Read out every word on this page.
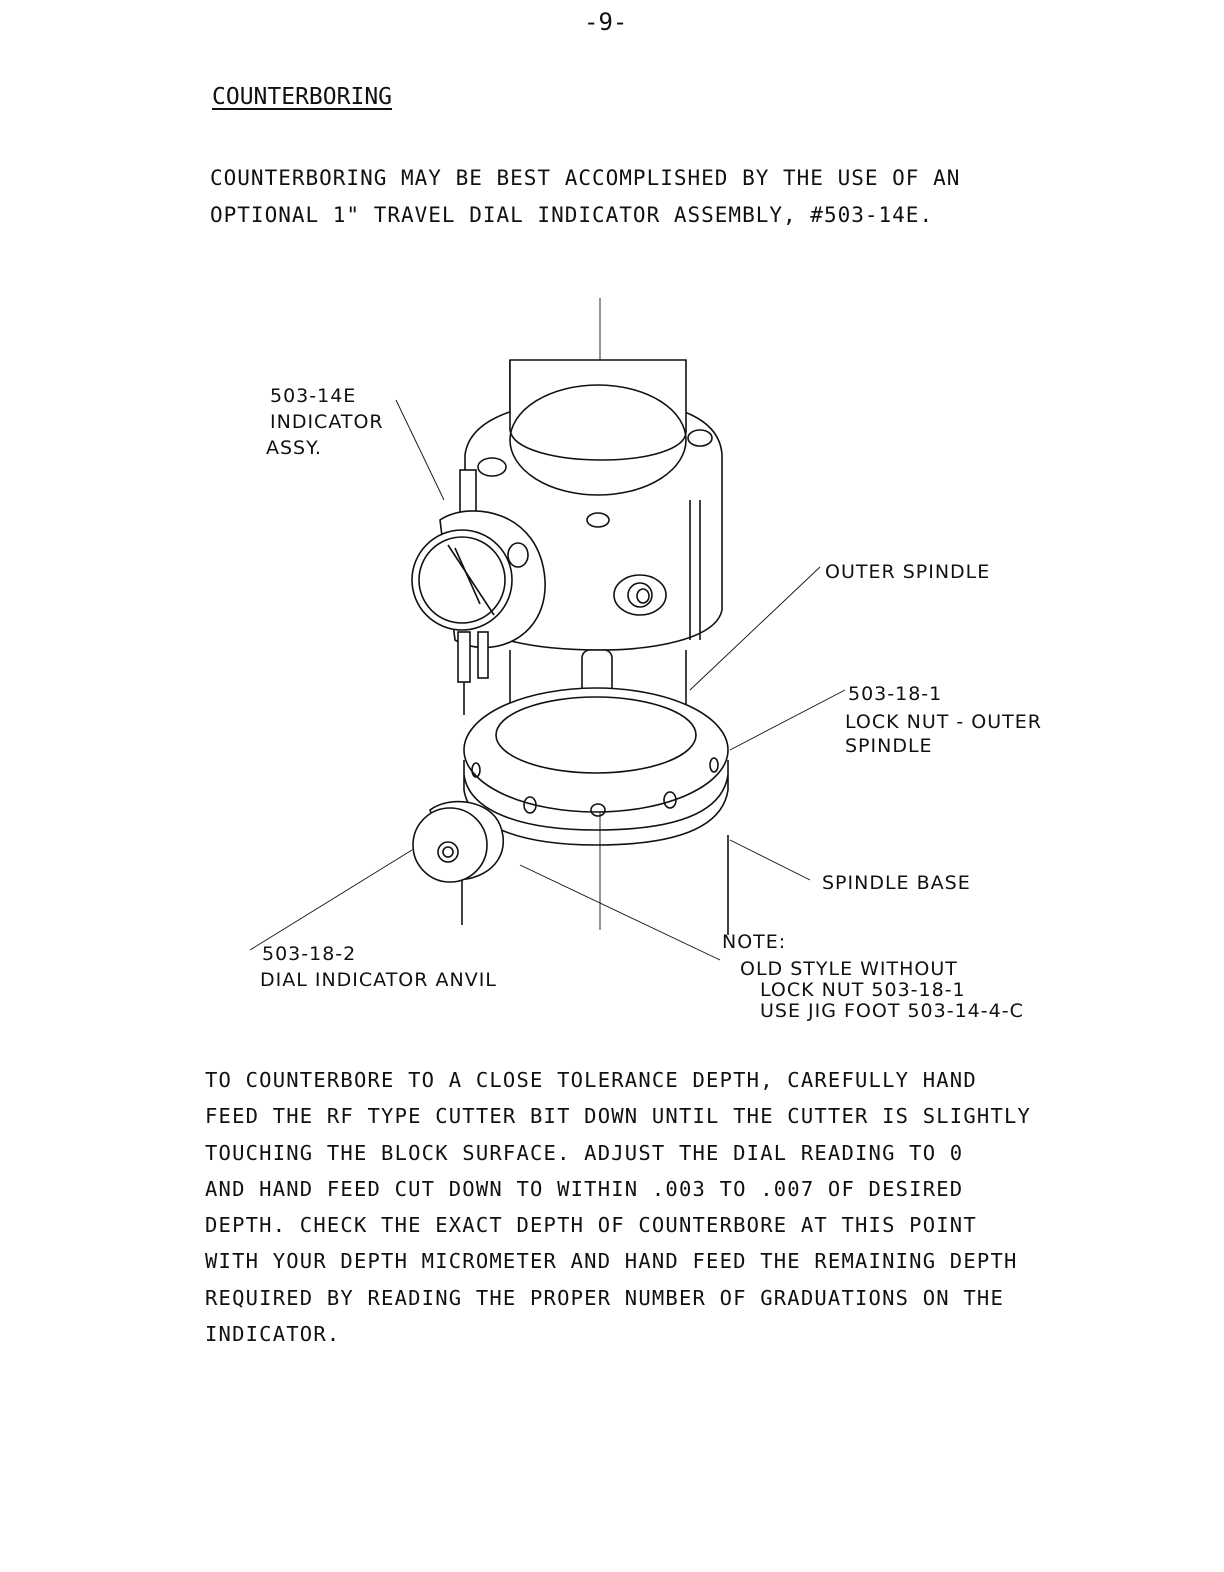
-9-
COUNTERBORING
COUNTERBORING MAY BE BEST ACCOMPLISHED BY THE USE OF AN
OPTIONAL 1" TRAVEL DIAL INDICATOR ASSEMBLY, #503-14E.
503-14E
INDICATOR
ASSY.
OUTER SPINDLE
503-18-1
LOCK NUT - OUTER
SPINDLE
SPINDLE BASE
503-18-2
DIAL INDICATOR ANVIL
NOTE:
OLD STYLE WITHOUT
LOCK NUT 503-18-1
USE JIG FOOT 503-14-4-C
TO COUNTERBORE TO A CLOSE TOLERANCE DEPTH, CAREFULLY HAND
FEED THE RF TYPE CUTTER BIT DOWN UNTIL THE CUTTER IS SLIGHTLY
TOUCHING THE BLOCK SURFACE. ADJUST THE DIAL READING TO 0
AND HAND FEED CUT DOWN TO WITHIN .003 TO .007 OF DESIRED
DEPTH. CHECK THE EXACT DEPTH OF COUNTERBORE AT THIS POINT
WITH YOUR DEPTH MICROMETER AND HAND FEED THE REMAINING DEPTH
REQUIRED BY READING THE PROPER NUMBER OF GRADUATIONS ON THE
INDICATOR.
